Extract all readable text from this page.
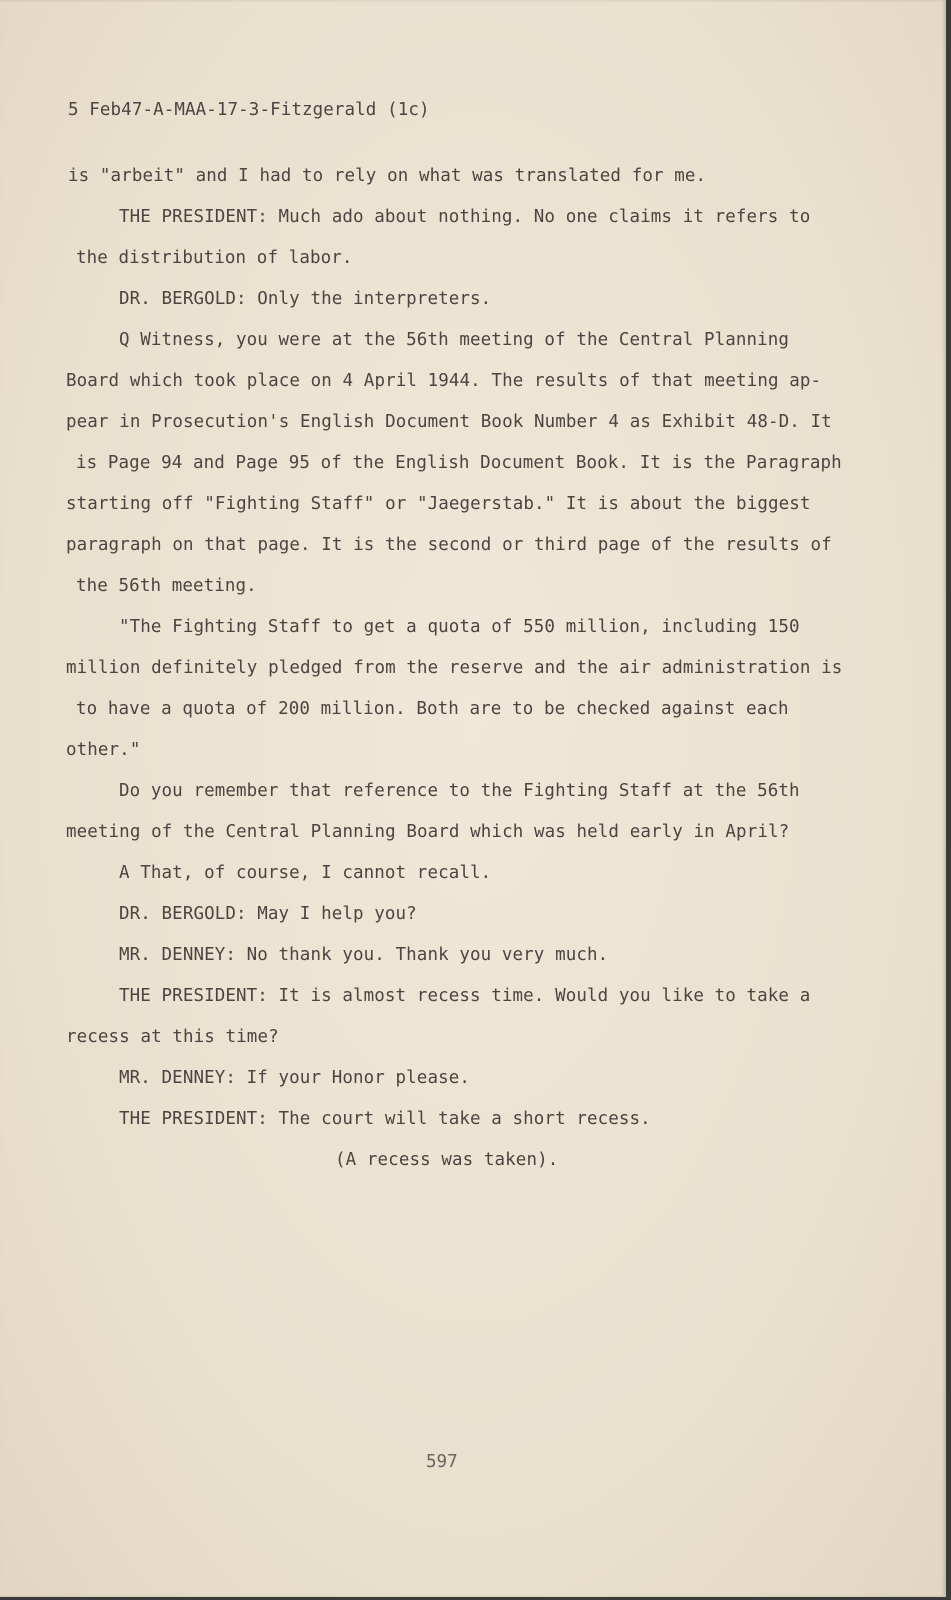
5 Feb47-A-MAA-17-3-Fitzgerald (1c)
is "arbeit" and I had to rely on what was translated for me.
THE PRESIDENT: Much ado about nothing. No one claims it refers to
the distribution of labor.
DR. BERGOLD: Only the interpreters.
Q Witness, you were at the 56th meeting of the Central Planning
Board which took place on 4 April 1944. The results of that meeting ap-
pear in Prosecution's English Document Book Number 4 as Exhibit 48-D. It
is Page 94 and Page 95 of the English Document Book. It is the Paragraph
starting off "Fighting Staff" or "Jaegerstab." It is about the biggest
paragraph on that page. It is the second or third page of the results of
the 56th meeting.
"The Fighting Staff to get a quota of 550 million, including 150
million definitely pledged from the reserve and the air administration is
to have a quota of 200 million. Both are to be checked against each
other."
Do you remember that reference to the Fighting Staff at the 56th
meeting of the Central Planning Board which was held early in April?
A That, of course, I cannot recall.
DR. BERGOLD: May I help you?
MR. DENNEY: No thank you. Thank you very much.
THE PRESIDENT: It is almost recess time. Would you like to take a
recess at this time?
MR. DENNEY: If your Honor please.
THE PRESIDENT: The court will take a short recess.
(A recess was taken).
597
